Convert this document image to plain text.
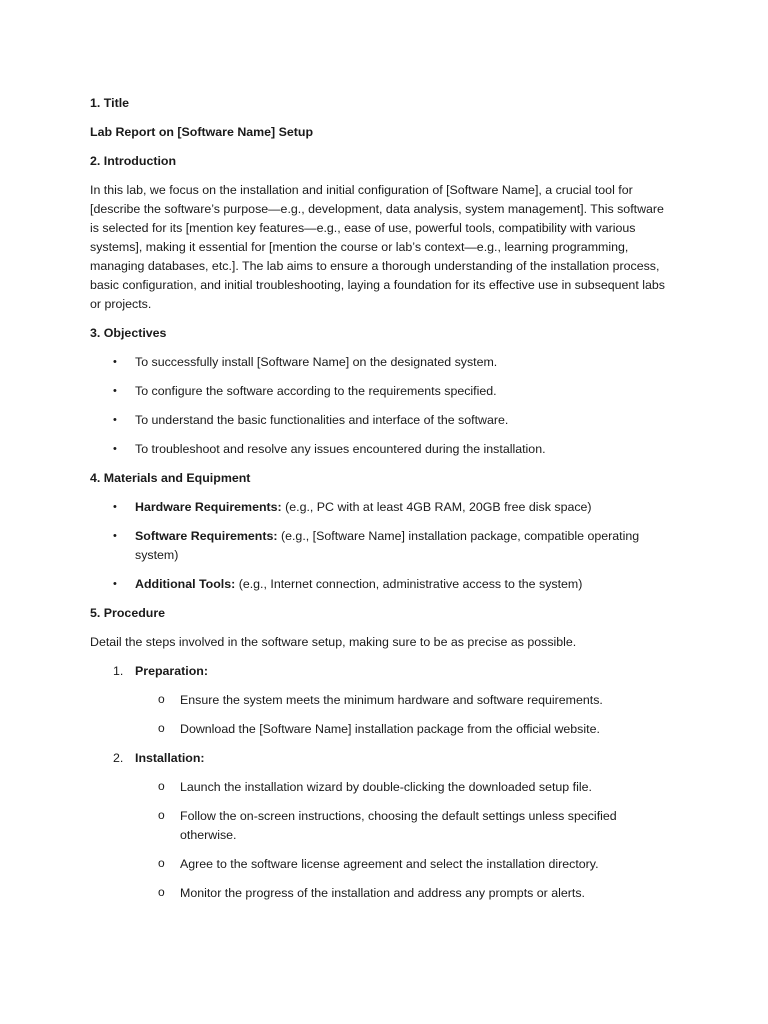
1. Title

Lab Report on [Software Name] Setup

2. Introduction

In this lab, we focus on the installation and initial configuration of [Software Name], a crucial tool for [describe the software’s purpose—e.g., development, data analysis, system management]. This software is selected for its [mention key features—e.g., ease of use, powerful tools, compatibility with various systems], making it essential for [mention the course or lab’s context—e.g., learning programming, managing databases, etc.]. The lab aims to ensure a thorough understanding of the installation process, basic configuration, and initial troubleshooting, laying a foundation for its effective use in subsequent labs or projects.

3. Objectives

• To successfully install [Software Name] on the designated system.
• To configure the software according to the requirements specified.
• To understand the basic functionalities and interface of the software.
• To troubleshoot and resolve any issues encountered during the installation.

4. Materials and Equipment

• Hardware Requirements: (e.g., PC with at least 4GB RAM, 20GB free disk space)
• Software Requirements: (e.g., [Software Name] installation package, compatible operating system)
• Additional Tools: (e.g., Internet connection, administrative access to the system)

5. Procedure

Detail the steps involved in the software setup, making sure to be as precise as possible.

1. Preparation:
o Ensure the system meets the minimum hardware and software requirements.
o Download the [Software Name] installation package from the official website.
2. Installation:
o Launch the installation wizard by double-clicking the downloaded setup file.
o Follow the on-screen instructions, choosing the default settings unless specified otherwise.
o Agree to the software license agreement and select the installation directory.
o Monitor the progress of the installation and address any prompts or alerts.
